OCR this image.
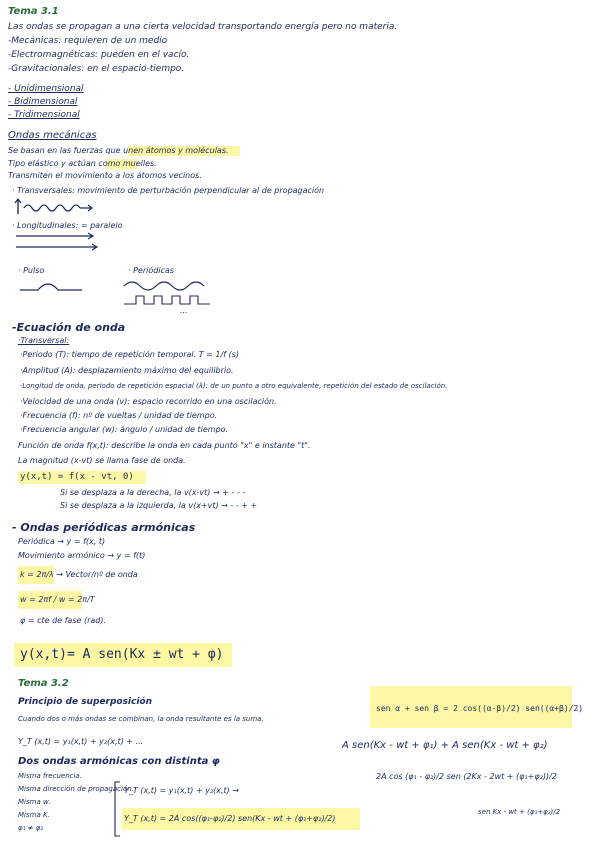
Tema 3.1
Las ondas se propagan a una cierta velocidad transportando energía pero no materia.
-Mecánicas: requieren de un medio
-Electromagnéticas: pueden en el vacío.
-Gravitacionales: en el espacio-tiempo.
- Unidimensional
- Bidimensional
- Tridimensional
Ondas mecánicas
Se basan en las fuerzas que unen átomos y moléculas.
Tipo elástico y actúan como muelles.
Transmiten el movimiento a los átomos vecinos.
· Transversales: movimiento de perturbación perpendicular al de propagación
· Longitudinales: = paralelo
· Pulso	· Periódicas
...
-Ecuación de onda
·Transversal:
·Periodo (T): tiempo de repetición temporal. T = 1/f (s)
·Amplitud (A): desplazamiento máximo del equilibrio.
·Longitud de onda, periodo de repetición espacial (λ): de un punto a otro equivalente, repetición del estado de oscilación.
·Velocidad de una onda (v): espacio recorrido en una oscilación.
·Frecuencia (f): nº de vueltas / unidad de tiempo.
·Frecuencia angular (w): ángulo / unidad de tiempo.
Función de onda f(x,t): describe la onda en cada punto "x" e instante "t".
La magnitud (x-vt) se llama fase de onda.
y(x,t) = f(x - vt, 0)
Si se desplaza a la derecha, la v(x-vt) → + - - -
Si se desplaza a la izquierda, la v(x+vt) → - - + +
- Ondas periódicas armónicas
Periódica → y = f(x, t)
Movimiento armónico → y = f(t)
k = 2π/λ → Vector/nº de onda
w = 2πf / w = 2π/T
φ = cte de fase (rad).
y(x,t)= A sen(Kx ± wt + φ)
Tema 3.2
Principio de superposición
Cuando dos o más ondas se combinan, la onda resultante es la suma.
Y_T (x,t) = y₁(x,t) + y₂(x,t) + ...
sen α + sen β = 2 cos((α-β)/2) sen((α+β)/2)
Dos ondas armónicas con distinta φ
Misma frecuencia.
Misma dirección de propagación.
Misma w.
Misma K.
φ₁ ≠ φ₂
Y_T (x,t) = y₁(x,t) + y₂(x,t) →
Y_T (x,t) = 2A cos((φ₁-φ₂)/2) sen(Kx - wt + (φ₁+φ₂)/2)
A sen(Kx - wt + φ₁) + A sen(Kx - wt + φ₂)
2A cos (φ₁ - φ₂)/2 sen (2Kx - 2wt + (φ₁+φ₂))/2
sen Kx - wt + (φ₁+φ₂)/2
